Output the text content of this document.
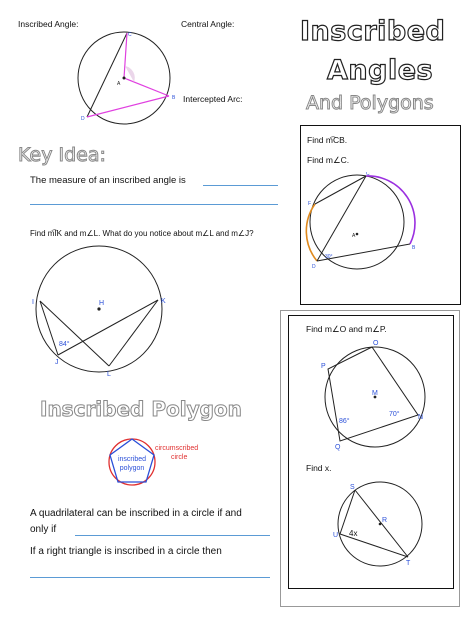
Inscribed Angle:	Central Angle:
Intercepted Arc:
Inscribed
Angles
And Polygons
C
B
D
A
Key Idea:
The measure of an inscribed angle is
Find m͡IK and m∠L. What do you notice about m∠L and m∠J?
I	H	K
J
L
84°
Find m͡CB.
Find m∠C.
C
F
A
B
D
30°
Find m∠O and m∠P.
O
P
M
N
Q
70°
86°
Find x.
S
R
U
T
4x
Inscribed Polygon
inscribed
polygon
circumscribed
circle
A quadrilateral can be inscribed in a circle if and
only if
If a right triangle is inscribed in a circle then
